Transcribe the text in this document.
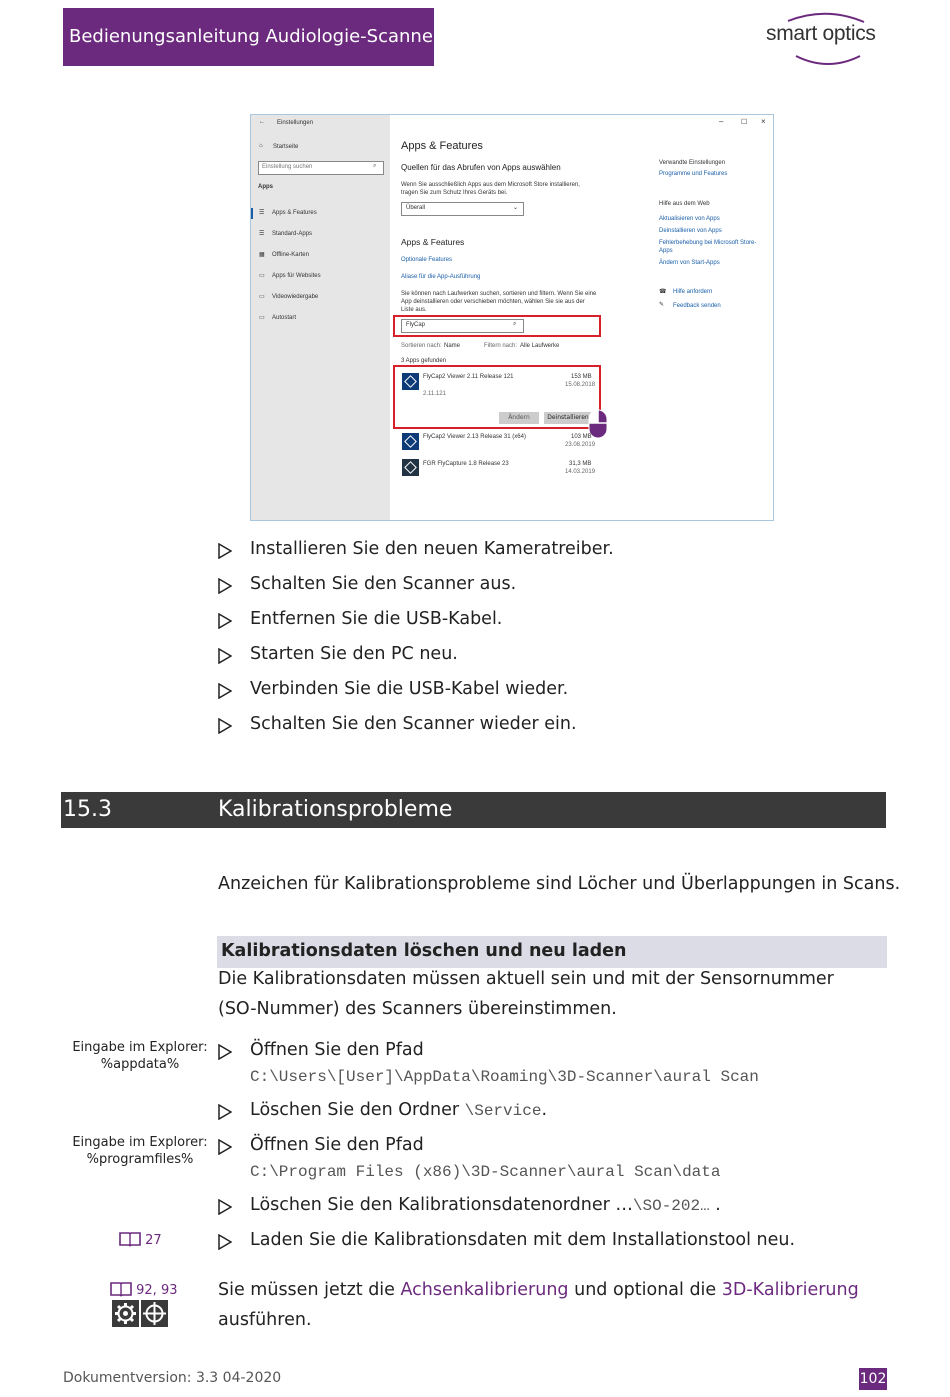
Bedienungsanleitung Audiologie-Scanner	smart optics
← Einstellungen	–	☐ ×
⌂ Startseite
Einstellung suchen	⌕
Apps
☰ Apps & Features
☰ Standard-Apps
▦ Offline-Karten
▭ Apps für Websites
▭ Videowiedergabe
▭ Autostart
Apps & Features
Quellen für das Abrufen von Apps auswählen
Wenn Sie ausschließlich Apps aus dem Microsoft Store installieren,
tragen Sie zum Schutz Ihres Geräts bei.
Überall	⌄
Apps & Features
Optionale Features
Aliase für die App-Ausführung
Sie können nach Laufwerken suchen, sortieren und filtern. Wenn Sie eine
App deinstallieren oder verschieben möchten, wählen Sie sie aus der
Liste aus.
FlyCap	⌕
Sortieren nach: Name	Filtern nach: Alle Laufwerke
3 Apps gefunden
FlyCap2 Viewer 2.11 Release 121	153 MB
15.08.2018
2.11.121
Ändern	Deinstallieren
FlyCap2 Viewer 2.13 Release 31 (x64)	103 MB
23.08.2019
FGR FlyCapture 1.8 Release 23	31,3 MB
14.03.2019
Verwandte Einstellungen
Programme und Features
Hilfe aus dem Web
Aktualisieren von Apps
Deinstallieren von Apps
Fehlerbehebung bei Microsoft Store-
Apps
Ändern von Start-Apps
☎ Hilfe anfordern
✎ Feedback senden
Installieren Sie den neuen Kameratreiber.
Schalten Sie den Scanner aus.
Entfernen Sie die USB-Kabel.
Starten Sie den PC neu.
Verbinden Sie die USB-Kabel wieder.
Schalten Sie den Scanner wieder ein.
15.3	Kalibrationsprobleme
Anzeichen für Kalibrationsprobleme sind Löcher und Überlappungen in Scans.
Kalibrationsdaten löschen und neu laden
Die Kalibrationsdaten müssen aktuell sein und mit der Sensornummer
(SO-Nummer) des Scanners übereinstimmen.
Eingabe im Explorer:
%appdata%
Eingabe im Explorer:
%programfiles%
Öffnen Sie den Pfad
C:\Users\[User]\AppData\Roaming\3D-Scanner\aural Scan
Löschen Sie den Ordner \Service.
Öffnen Sie den Pfad
C:\Program Files (x86)\3D-Scanner\aural Scan\data
Löschen Sie den Kalibrationsdatenordner …\SO-202… .
27	Laden Sie die Kalibrationsdaten mit dem Installationstool neu.
92, 93 Sie müssen jetzt die Achsenkalibrierung und optional die 3D-Kalibrierung
ausführen.
Dokumentversion: 3.3 04-2020	102
